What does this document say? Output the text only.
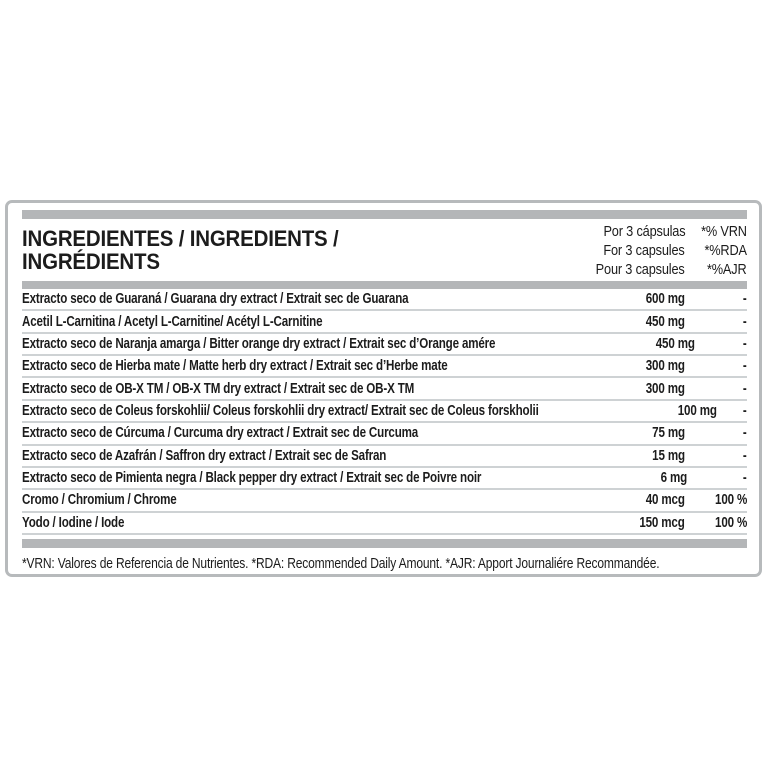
INGREDIENTES / INGREDIENTS /
INGRÉDIENTS
Por 3 cápsulas	*% VRN
For 3 capsules	*%RDA
Pour 3 capsules	*%AJR
Extracto seco de Guaraná / Guarana dry extract / Extrait sec de Guarana	600 mg	-
Acetil L-Carnitina / Acetyl L-Carnitine/ Acétyl L-Carnitine	450 mg	-
Extracto seco de Naranja amarga / Bitter orange dry extract / Extrait sec d’Orange amére	450 mg	-
Extracto seco de Hierba mate / Matte herb dry extract / Extrait sec d’Herbe mate	300 mg	-
Extracto seco de OB-X TM / OB-X TM dry extract / Extrait sec de OB-X TM	300 mg	-
Extracto seco de Coleus forskohlii/ Coleus forskohlii dry extract/ Extrait sec de Coleus forskholii	100 mg	-
Extracto seco de Cúrcuma / Curcuma dry extract / Extrait sec de Curcuma	75 mg	-
Extracto seco de Azafrán / Saffron dry extract / Extrait sec de Safran	15 mg	-
Extracto seco de Pimienta negra / Black pepper dry extract / Extrait sec de Poivre noir	6 mg	-
Cromo / Chromium / Chrome	40 mcg	100 %
Yodo / Iodine / Iode	150 mcg	100 %
*VRN: Valores de Referencia de Nutrientes. *RDA: Recommended Daily Amount. *AJR: Apport Journaliére Recommandée.
